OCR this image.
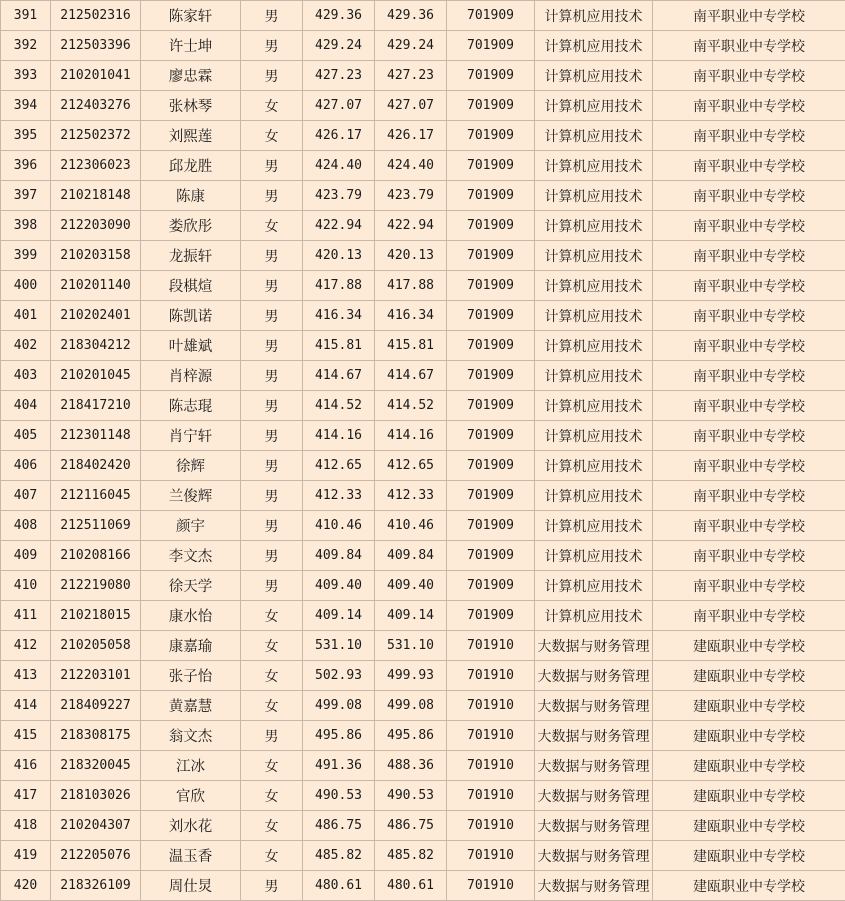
391	212502316	陈家轩	男	429.36	429.36	701909	计算机应用技术	南平职业中专学校
392	212503396	许士坤	男	429.24	429.24	701909	计算机应用技术	南平职业中专学校
393	210201041	廖忠霖	男	427.23	427.23	701909	计算机应用技术	南平职业中专学校
394	212403276	张林琴	女	427.07	427.07	701909	计算机应用技术	南平职业中专学校
395	212502372	刘熙莲	女	426.17	426.17	701909	计算机应用技术	南平职业中专学校
396	212306023	邱龙胜	男	424.40	424.40	701909	计算机应用技术	南平职业中专学校
397	210218148	陈康	男	423.79	423.79	701909	计算机应用技术	南平职业中专学校
398	212203090	娄欣彤	女	422.94	422.94	701909	计算机应用技术	南平职业中专学校
399	210203158	龙振轩	男	420.13	420.13	701909	计算机应用技术	南平职业中专学校
400	210201140	段棋煊	男	417.88	417.88	701909	计算机应用技术	南平职业中专学校
401	210202401	陈凯诺	男	416.34	416.34	701909	计算机应用技术	南平职业中专学校
402	218304212	叶雄斌	男	415.81	415.81	701909	计算机应用技术	南平职业中专学校
403	210201045	肖梓源	男	414.67	414.67	701909	计算机应用技术	南平职业中专学校
404	218417210	陈志琨	男	414.52	414.52	701909	计算机应用技术	南平职业中专学校
405	212301148	肖宁轩	男	414.16	414.16	701909	计算机应用技术	南平职业中专学校
406	218402420	徐辉	男	412.65	412.65	701909	计算机应用技术	南平职业中专学校
407	212116045	兰俊辉	男	412.33	412.33	701909	计算机应用技术	南平职业中专学校
408	212511069	颜宇	男	410.46	410.46	701909	计算机应用技术	南平职业中专学校
409	210208166	李文杰	男	409.84	409.84	701909	计算机应用技术	南平职业中专学校
410	212219080	徐天学	男	409.40	409.40	701909	计算机应用技术	南平职业中专学校
411	210218015	康水怡	女	409.14	409.14	701909	计算机应用技术	南平职业中专学校
412	210205058	康嘉瑜	女	531.10	531.10	701910	大数据与财务管理	建瓯职业中专学校
413	212203101	张子怡	女	502.93	499.93	701910	大数据与财务管理	建瓯职业中专学校
414	218409227	黄嘉慧	女	499.08	499.08	701910	大数据与财务管理	建瓯职业中专学校
415	218308175	翁文杰	男	495.86	495.86	701910	大数据与财务管理	建瓯职业中专学校
416	218320045	江冰	女	491.36	488.36	701910	大数据与财务管理	建瓯职业中专学校
417	218103026	官欣	女	490.53	490.53	701910	大数据与财务管理	建瓯职业中专学校
418	210204307	刘水花	女	486.75	486.75	701910	大数据与财务管理	建瓯职业中专学校
419	212205076	温玉香	女	485.82	485.82	701910	大数据与财务管理	建瓯职业中专学校
420	218326109	周仕炅	男	480.61	480.61	701910	大数据与财务管理	建瓯职业中专学校
